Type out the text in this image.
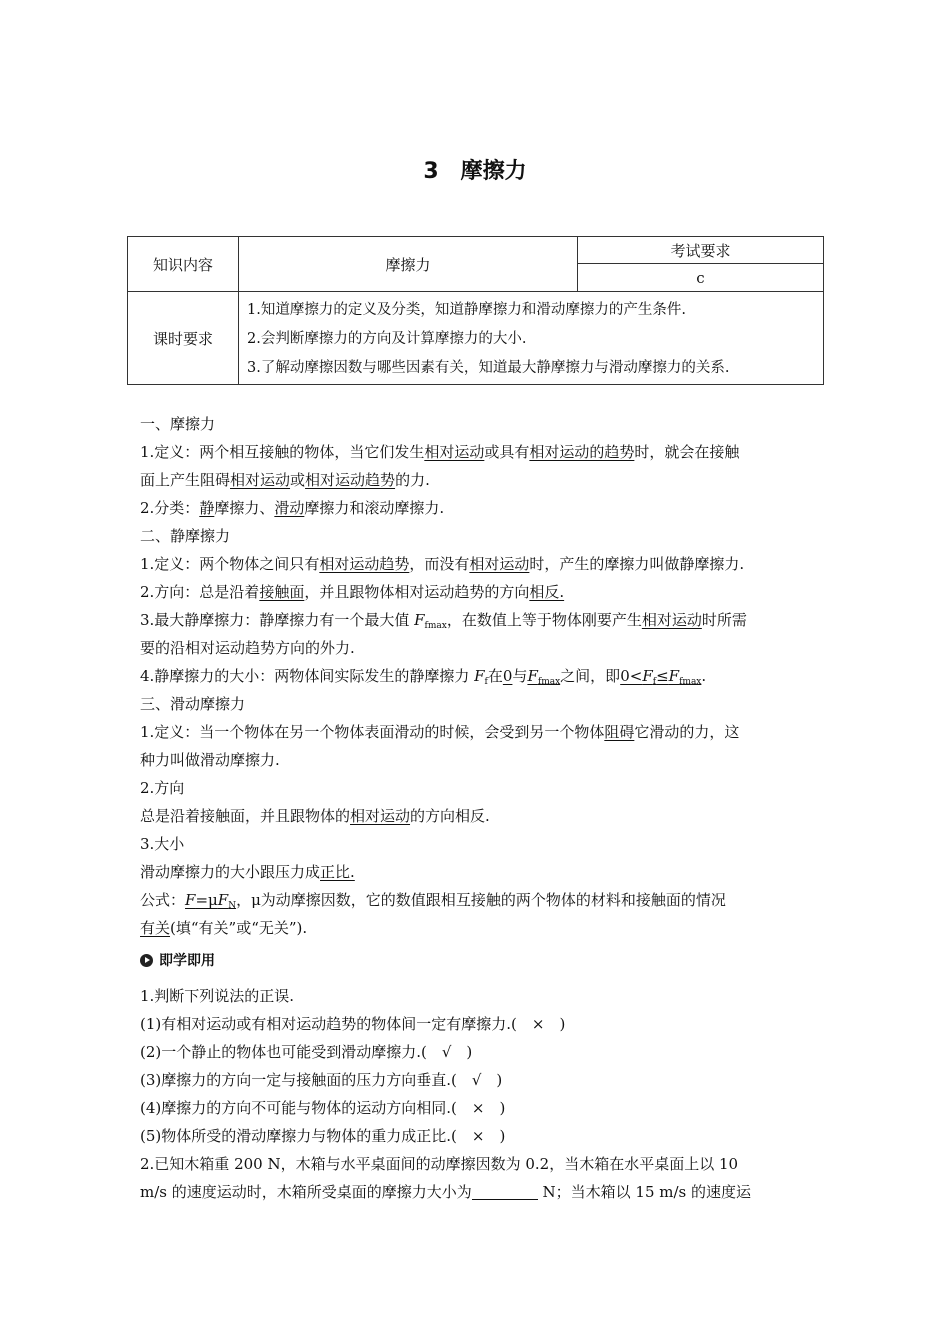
3 摩擦力
知识内容	摩擦力	考试要求
		c
课时要求	1.知道摩擦力的定义及分类，知道静摩擦力和滑动摩擦力的产生条件.
2.会判断摩擦力的方向及计算摩擦力的大小.
3.了解动摩擦因数与哪些因素有关，知道最大静摩擦力与滑动摩擦力的关系.	
一、摩擦力
1.定义：两个相互接触的物体，当它们发生相对运动或具有相对运动的趋势时，就会在接触
面上产生阻碍相对运动或相对运动趋势的力.
2.分类：静摩擦力、滑动摩擦力和滚动摩擦力.
二、静摩擦力
1.定义：两个物体之间只有相对运动趋势，而没有相对运动时，产生的摩擦力叫做静摩擦力.
2.方向：总是沿着接触面，并且跟物体相对运动趋势的方向相反.
3.最大静摩擦力：静摩擦力有一个最大值 $F_{fmax}$，在数值上等于物体刚要产生相对运动时所需
要的沿相对运动趋势方向的外力.
4.静摩擦力的大小：两物体间实际发生的静摩擦力 $F_f$在0与$F_{fmax}$之间，即$0<F_f\le F_{fmax}$.
三、滑动摩擦力
1.定义：当一个物体在另一个物体表面滑动的时候，会受到另一个物体阻碍它滑动的力，这
种力叫做滑动摩擦力.
2.方向
总是沿着接触面，并且跟物体的相对运动的方向相反.
3.大小
滑动摩擦力的大小跟压力成正比.
公式：$F=\mu F_N$，μ为动摩擦因数，它的数值跟相互接触的两个物体的材料和接触面的情况
有关(填“有关”或“无关”).
即学即用
1.判断下列说法的正误.
(1)有相对运动或有相对运动趋势的物体间一定有摩擦力.(　×　)
(2)一个静止的物体也可能受到滑动摩擦力.(　√　)
(3)摩擦力的方向一定与接触面的压力方向垂直.(　√　)
(4)摩擦力的方向不可能与物体的运动方向相同.(　×　)
(5)物体所受的滑动摩擦力与物体的重力成正比.(　×　)
2.已知木箱重 200 N，木箱与水平桌面间的动摩擦因数为 0.2，当木箱在水平桌面上以 10
m/s 的速度运动时，木箱所受桌面的摩擦力大小为	N；当木箱以 15 m/s 的速度运
